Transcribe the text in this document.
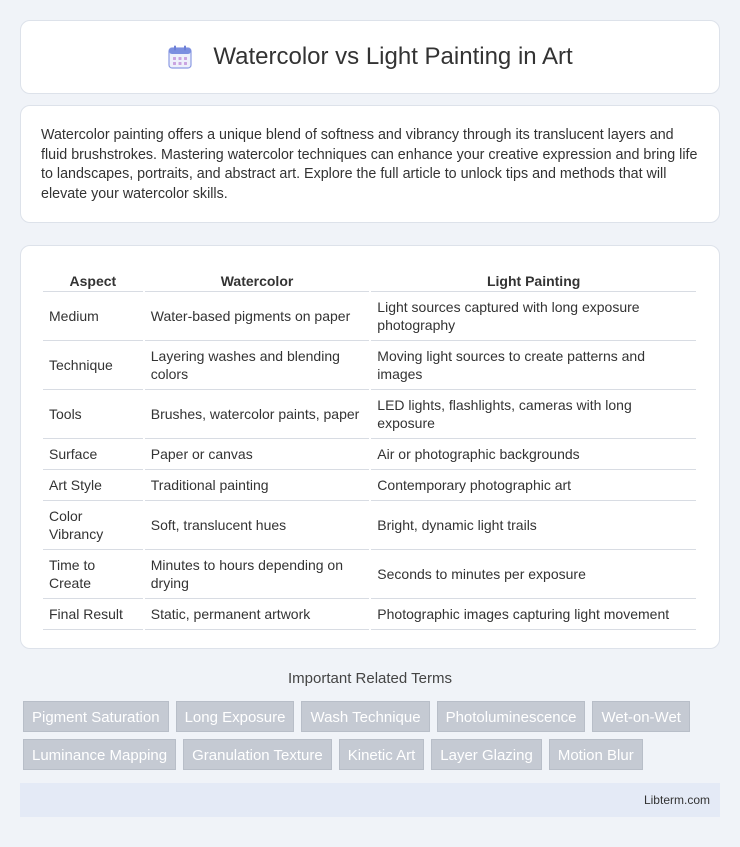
Watercolor vs Light Painting in Art

Watercolor painting offers a unique blend of softness and vibrancy through its translucent layers and fluid brushstrokes. Mastering watercolor techniques can enhance your creative expression and bring life to landscapes, portraits, and abstract art. Explore the full article to unlock tips and methods that will elevate your watercolor skills.

Aspect	Watercolor	Light Painting
Medium	Water-based pigments on paper	Light sources captured with long exposure photography
Technique	Layering washes and blending colors	Moving light sources to create patterns and images
Tools	Brushes, watercolor paints, paper	LED lights, flashlights, cameras with long exposure
Surface	Paper or canvas	Air or photographic backgrounds
Art Style	Traditional painting	Contemporary photographic art
Color Vibrancy	Soft, translucent hues	Bright, dynamic light trails
Time to Create	Minutes to hours depending on drying	Seconds to minutes per exposure
Final Result	Static, permanent artwork	Photographic images capturing light movement
Important Related Terms
Pigment Saturation	Long Exposure	Wash Technique	Photoluminescence	Wet-on-Wet
Luminance Mapping	Granulation Texture	Kinetic Art	Layer Glazing	Motion Blur
Libterm.com
